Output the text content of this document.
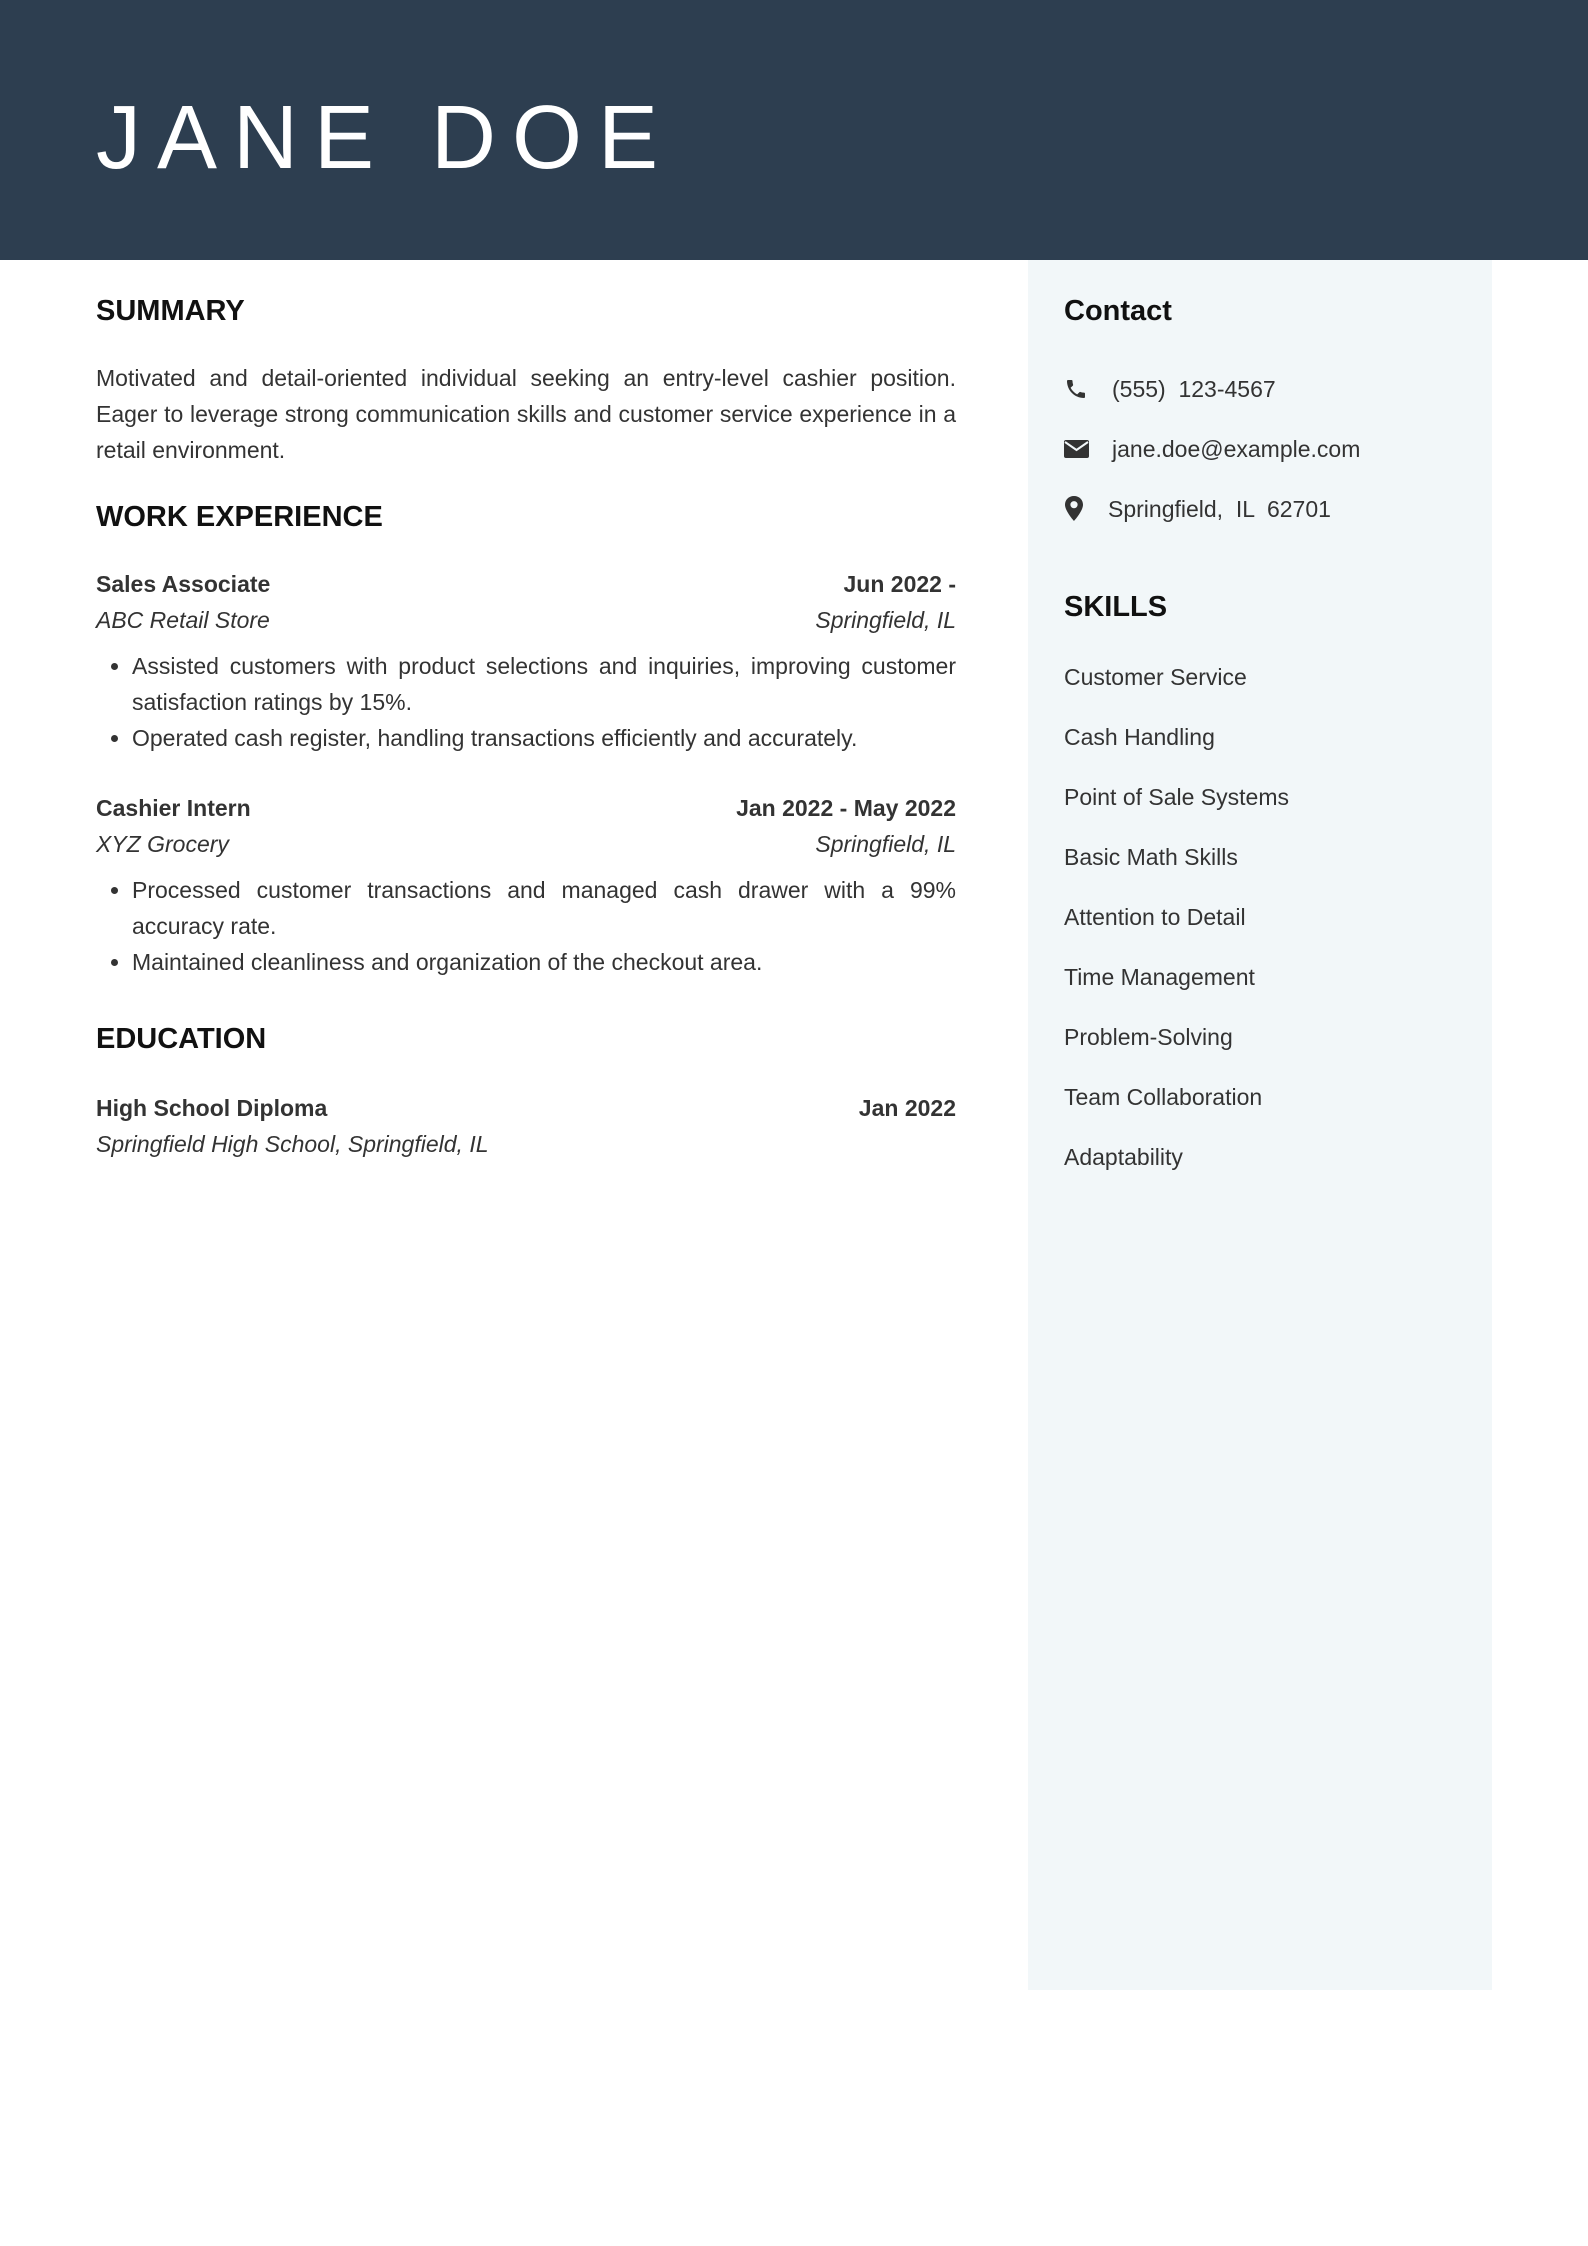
JANE DOE
SUMMARY

Motivated and detail-oriented individual seeking an entry-level cashier position. Eager to leverage strong communication skills and customer service experience in a retail environment.

WORK EXPERIENCE
Sales Associate	Jun 2022 -
ABC Retail Store	Springfield, IL
• Assisted customers with product selections and inquiries, improving customer satisfaction ratings by 15%.
• Operated cash register, handling transactions efficiently and accurately.
Cashier Intern	Jan 2022 - May 2022
XYZ Grocery	Springfield, IL
• Processed customer transactions and managed cash drawer with a 99% accuracy rate.
• Maintained cleanliness and organization of the checkout area.
EDUCATION
High School Diploma	Jan 2022
Springfield High School, Springfield, IL
Contact
(555)  123-4567
jane.doe@example.com
Springfield,  IL  62701
SKILLS
Customer Service
Cash Handling
Point of Sale Systems
Basic Math Skills
Attention to Detail
Time Management
Problem-Solving
Team Collaboration
Adaptability
